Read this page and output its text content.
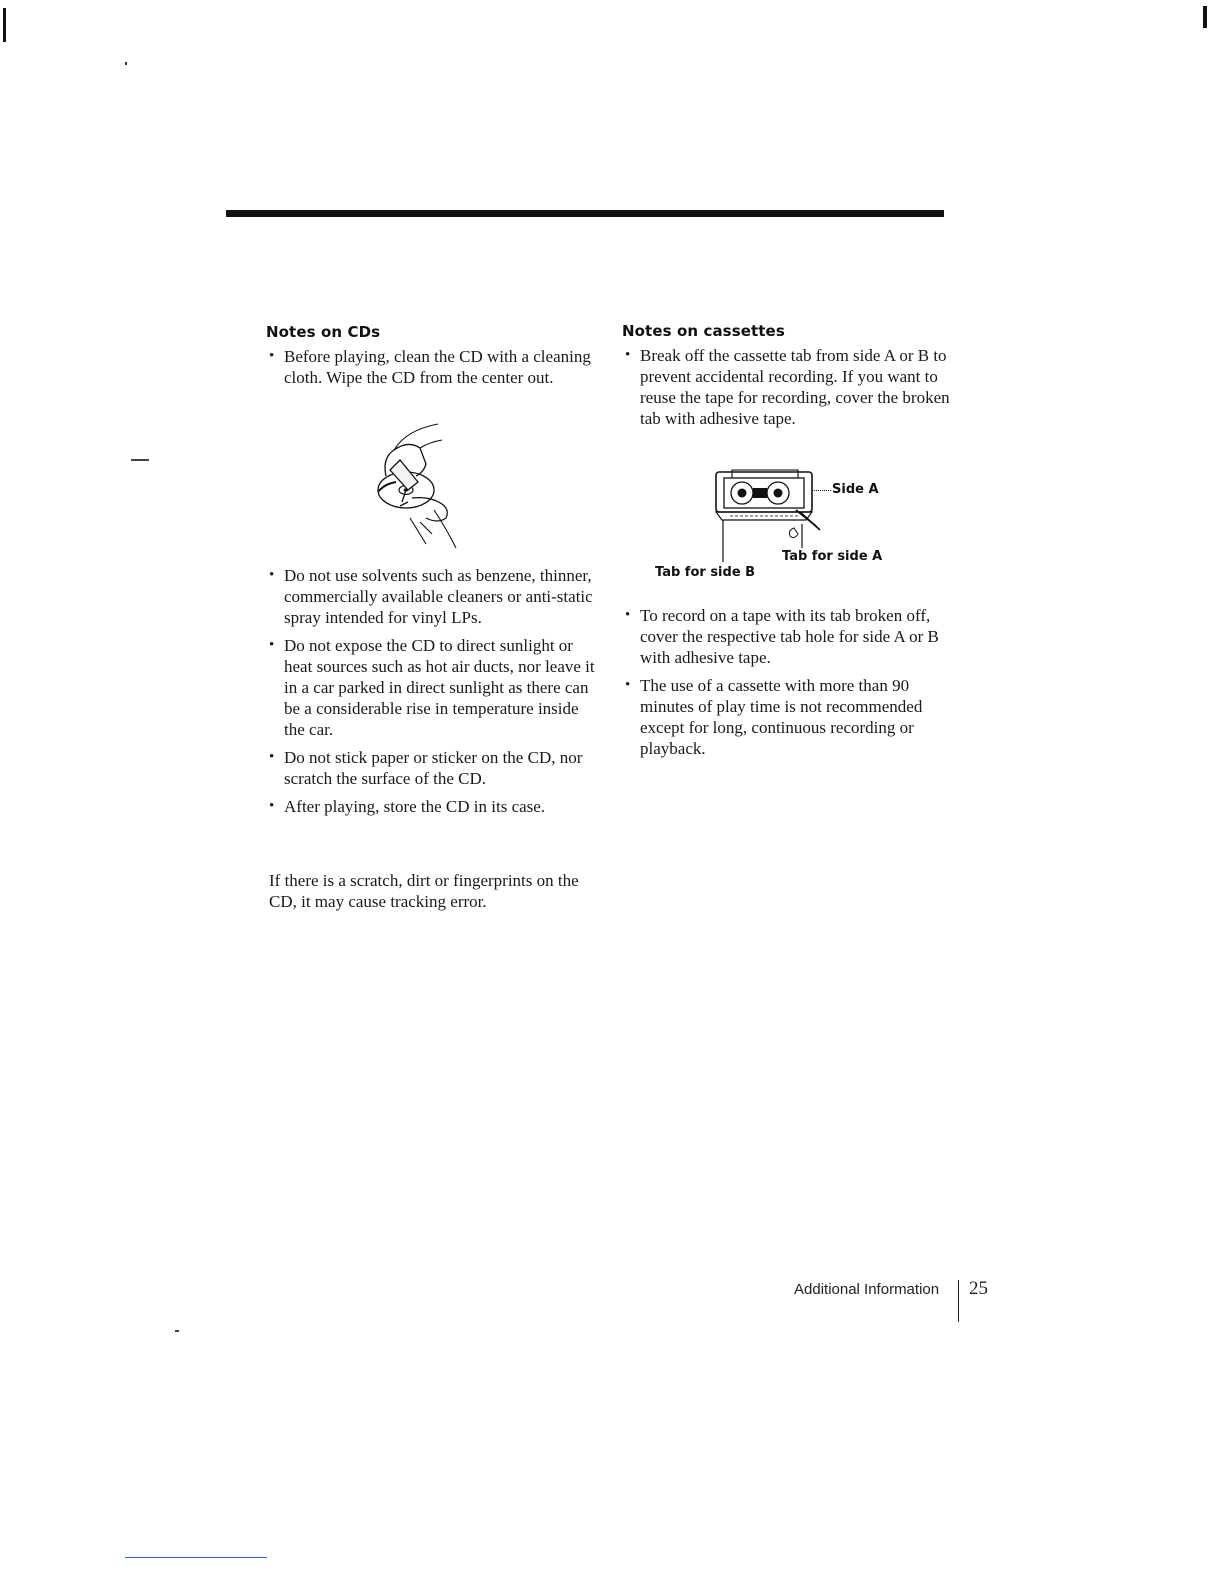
Notes on CDs
• Before playing, clean the CD with a cleaning cloth. Wipe the CD from the center out.
• Do not use solvents such as benzene, thinner, commercially available cleaners or anti-static spray intended for vinyl LPs.
• Do not expose the CD to direct sunlight or heat sources such as hot air ducts, nor leave it in a car parked in direct sunlight as there can be a considerable rise in temperature inside the car.
• Do not stick paper or sticker on the CD, nor scratch the surface of the CD.
• After playing, store the CD in its case.
If there is a scratch, dirt or fingerprints on the CD, it may cause tracking error.
Notes on cassettes
• Break off the cassette tab from side A or B to prevent accidental recording. If you want to reuse the tape for recording, cover the broken tab with adhesive tape.
Side A
Tab for side A
Tab for side B
• To record on a tape with its tab broken off, cover the respective tab hole for side A or B with adhesive tape.
• The use of a cassette with more than 90 minutes of play time is not recommended except for long, continuous recording or playback.
Additional Information 25
